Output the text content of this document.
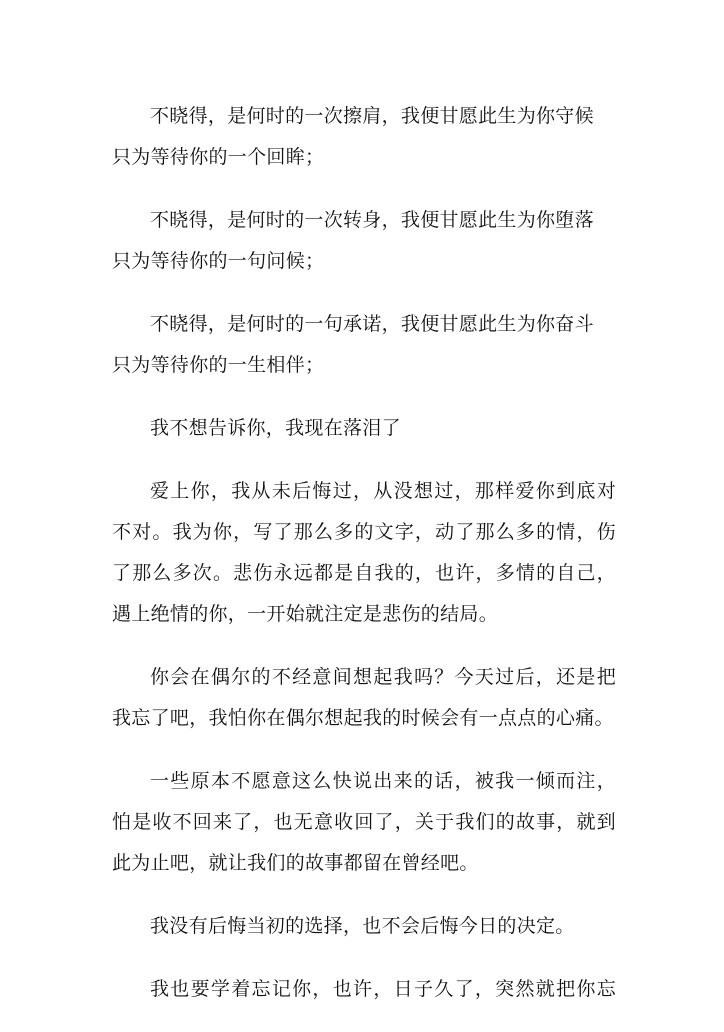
不晓得，是何时的一次擦肩，我便甘愿此生为你守候
只为等待你的一个回眸；
不晓得，是何时的一次转身，我便甘愿此生为你堕落
只为等待你的一句问候；
不晓得，是何时的一句承诺，我便甘愿此生为你奋斗
只为等待你的一生相伴；
我不想告诉你，我现在落泪了
爱上你，我从未后悔过，从没想过，那样爱你到底对
不对。我为你，写了那么多的文字，动了那么多的情，伤
了那么多次。悲伤永远都是自我的，也许，多情的自己，
遇上绝情的你，一开始就注定是悲伤的结局。
你会在偶尔的不经意间想起我吗？今天过后，还是把
我忘了吧，我怕你在偶尔想起我的时候会有一点点的心痛。
一些原本不愿意这么快说出来的话，被我一倾而注，
怕是收不回来了，也无意收回了，关于我们的故事，就到
此为止吧，就让我们的故事都留在曾经吧。
我没有后悔当初的选择，也不会后悔今日的决定。
我也要学着忘记你，也许，日子久了，突然就把你忘
